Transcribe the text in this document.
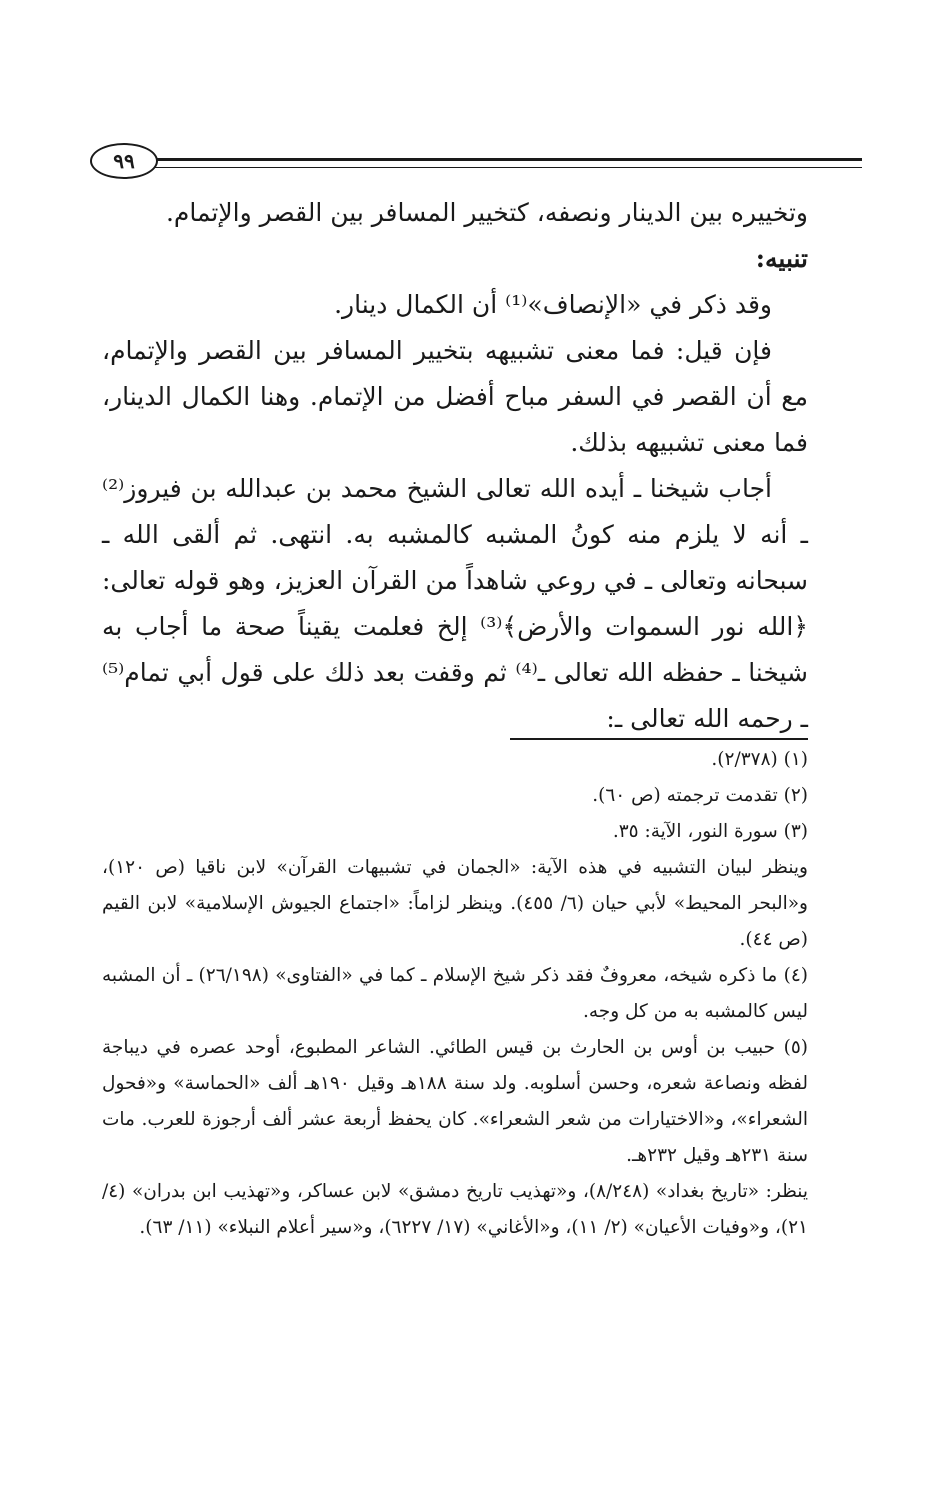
٩٩

وتخييره بين الدينار ونصفه، كتخيير المسافر بين القصر والإتمام.

تنبيه:

وقد ذكر في «الإنصاف»⁽¹⁾ أن الكمال دينار.

فإن قيل: فما معنى تشبيهه بتخيير المسافر بين القصر والإتمام، مع أن القصر في السفر مباح أفضل من الإتمام. وهنا الكمال الدينار، فما معنى تشبيهه بذلك.

أجاب شيخنا ـ أيده الله تعالى الشيخ محمد بن عبدالله بن فيروز⁽²⁾ ـ أنه لا يلزم منه كونُ المشبه كالمشبه به. انتهى. ثم ألقى الله ـ سبحانه وتعالى ـ في روعي شاهداً من القرآن العزيز، وهو قوله تعالى: ﴿الله نور السموات والأرض﴾⁽³⁾ إلخ فعلمت يقيناً صحة ما أجاب به شيخنا ـ حفظه الله تعالى ـ⁽⁴⁾ ثم وقفت بعد ذلك على قول أبي تمام⁽⁵⁾ ـ رحمه الله تعالى ـ:

(١) (٢/٣٧٨).

(٢) تقدمت ترجمته (ص ٦٠).

(٣) سورة النور، الآية: ٣٥.

وينظر لبيان التشبيه في هذه الآية: «الجمان في تشبيهات القرآن» لابن ناقيا (ص ١٢٠)، و«البحر المحيط» لأبي حيان (٦/ ٤٥٥). وينظر لزاماً: «اجتماع الجيوش الإسلامية» لابن القيم (ص ٤٤).

(٤) ما ذكره شيخه، معروفٌ فقد ذكر شيخ الإسلام ـ كما في «الفتاوى» (٢٦/١٩٨) ـ أن المشبه ليس كالمشبه به من كل وجه.

(٥) حبيب بن أوس بن الحارث بن قيس الطائي. الشاعر المطبوع، أوحد عصره في ديباجة لفظه ونصاعة شعره، وحسن أسلوبه. ولد سنة ١٨٨هـ وقيل ١٩٠هـ ألف «الحماسة» و«فحول الشعراء»، و«الاختيارات من شعر الشعراء». كان يحفظ أربعة عشر ألف أرجوزة للعرب. مات سنة ٢٣١هـ وقيل ٢٣٢هـ.

ينظر: «تاريخ بغداد» (٨/٢٤٨)، و«تهذيب تاريخ دمشق» لابن عساكر، و«تهذيب ابن بدران» (٤/ ٢١)، و«وفيات الأعيان» (٢/ ١١)، و«الأغاني» (١٧/ ٦٢٢٧)، و«سير أعلام النبلاء» (١١/ ٦٣).
